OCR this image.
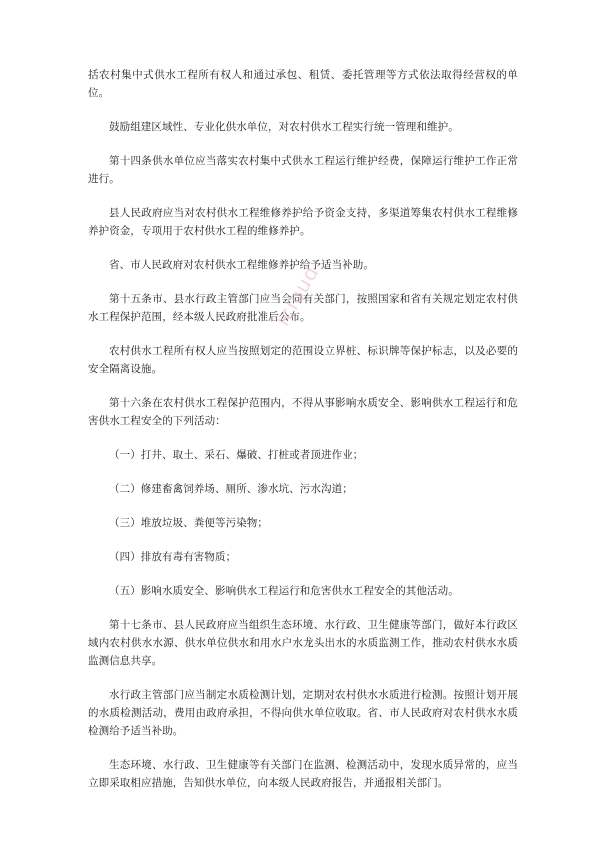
括农村集中式供水工程所有权人和通过承包、租赁、委托管理等方式依法取得经营权的单位。

鼓励组建区域性、专业化供水单位，对农村供水工程实行统一管理和维护。

第十四条供水单位应当落实农村集中式供水工程运行维护经费，保障运行维护工作正常进行。

县人民政府应当对农村供水工程维修养护给予资金支持，多渠道筹集农村供水工程维修养护资金，专项用于农村供水工程的维修养护。

省、市人民政府对农村供水工程维修养护给予适当补助。

第十五条市、县水行政主管部门应当会同有关部门，按照国家和省有关规定划定农村供水工程保护范围，经本级人民政府批准后公布。

农村供水工程所有权人应当按照划定的范围设立界桩、标识牌等保护标志，以及必要的安全隔离设施。

第十六条在农村供水工程保护范围内，不得从事影响水质安全、影响供水工程运行和危害供水工程安全的下列活动：

（一）打井、取土、采石、爆破、打桩或者顶进作业；

（二）修建畜禽饲养场、厕所、渗水坑、污水沟道；

（三）堆放垃圾、粪便等污染物；

（四）排放有毒有害物质；

（五）影响水质安全、影响供水工程运行和危害供水工程安全的其他活动。

第十七条市、县人民政府应当组织生态环境、水行政、卫生健康等部门，做好本行政区域内农村供水水源、供水单位供水和用水户水龙头出水的水质监测工作，推动农村供水水质监测信息共享。

水行政主管部门应当制定水质检测计划，定期对农村供水水质进行检测。按照计划开展的水质检测活动，费用由政府承担，不得向供水单位收取。省、市人民政府对农村供水水质检测给予适当补助。

生态环境、水行政、卫生健康等有关部门在监测、检测活动中，发现水质异常的，应当立即采取相应措施，告知供水单位，向本级人民政府报告，并通报相关部门。

icloud
